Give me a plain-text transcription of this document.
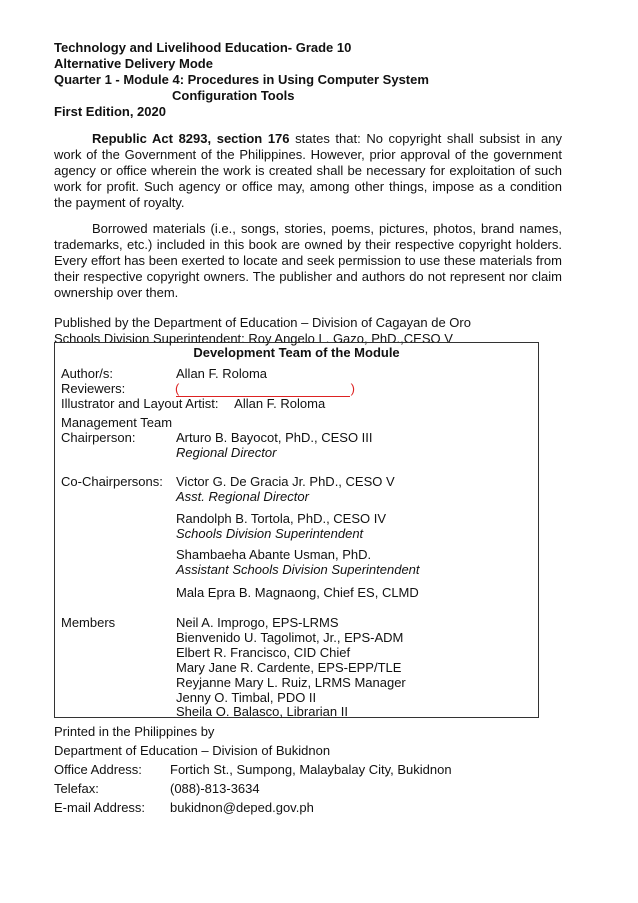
Technology and Livelihood Education- Grade 10
Alternative Delivery Mode
Quarter 1 - Module 4: Procedures in Using Computer System
Configuration Tools
First Edition, 2020
Republic Act 8293, section 176 states that: No copyright shall subsist in any work of the Government of the Philippines. However, prior approval of the government agency or office wherein the work is created shall be necessary for exploitation of such work for profit. Such agency or office may, among other things, impose as a condition the payment of royalty.
Borrowed materials (i.e., songs, stories, poems, pictures, photos, brand names, trademarks, etc.) included in this book are owned by their respective copyright holders. Every effort has been exerted to locate and seek permission to use these materials from their respective copyright owners. The publisher and authors do not represent nor claim ownership over them.
Published by the Department of Education – Division of Cagayan de Oro
Schools Division Superintendent: Roy Angelo L. Gazo, PhD.,CESO V
Development Team of the Module
Author/s:	Allan F. Roloma
Reviewers:
( )
Illustrator and Layout Artist: Allan F. Roloma
Management Team
Chairperson:	Arturo B. Bayocot, PhD., CESO III
Regional Director
Co-Chairpersons: Victor G. De Gracia Jr. PhD., CESO V
Asst. Regional Director
Randolph B. Tortola, PhD., CESO IV
Schools Division Superintendent
Shambaeha Abante Usman, PhD.
Assistant Schools Division Superintendent
Mala Epra B. Magnaong, Chief ES, CLMD
Members	Neil A. Improgo, EPS-LRMS
Bienvenido U. Tagolimot, Jr., EPS-ADM
Elbert R. Francisco, CID Chief
Mary Jane R. Cardente, EPS-EPP/TLE
Reyjanne Mary L. Ruiz, LRMS Manager
Jenny O. Timbal, PDO II
Sheila O. Balasco, Librarian II
Printed in the Philippines by
Department of Education – Division of Bukidnon
Office Address: Fortich St., Sumpong, Malaybalay City, Bukidnon
Telefax:	(088)-813-3634
E-mail Address: bukidnon@deped.gov.ph
